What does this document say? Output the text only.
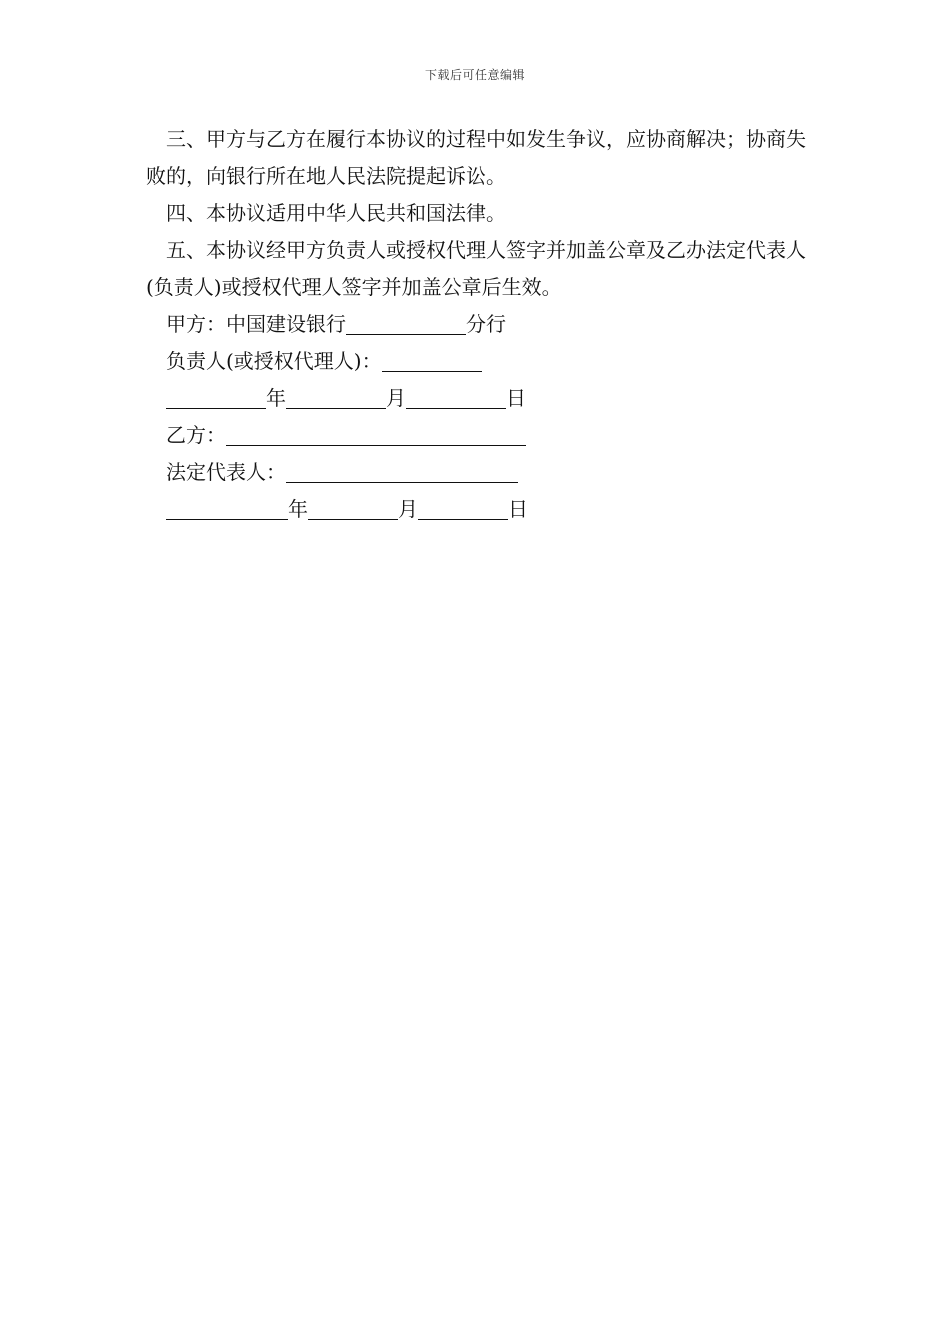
下载后可任意编辑

三、甲方与乙方在履行本协议的过程中如发生争议，应协商解决；协商失败的，向银行所在地人民法院提起诉讼。

四、本协议适用中华人民共和国法律。

五、本协议经甲方负责人或授权代理人签字并加盖公章及乙办法定代表人(负责人)或授权代理人签字并加盖公章后生效。

甲方：中国建设银行	分行

负责人(或授权代理人)：

年	月	日

乙方：

法定代表人：

年	月	日
